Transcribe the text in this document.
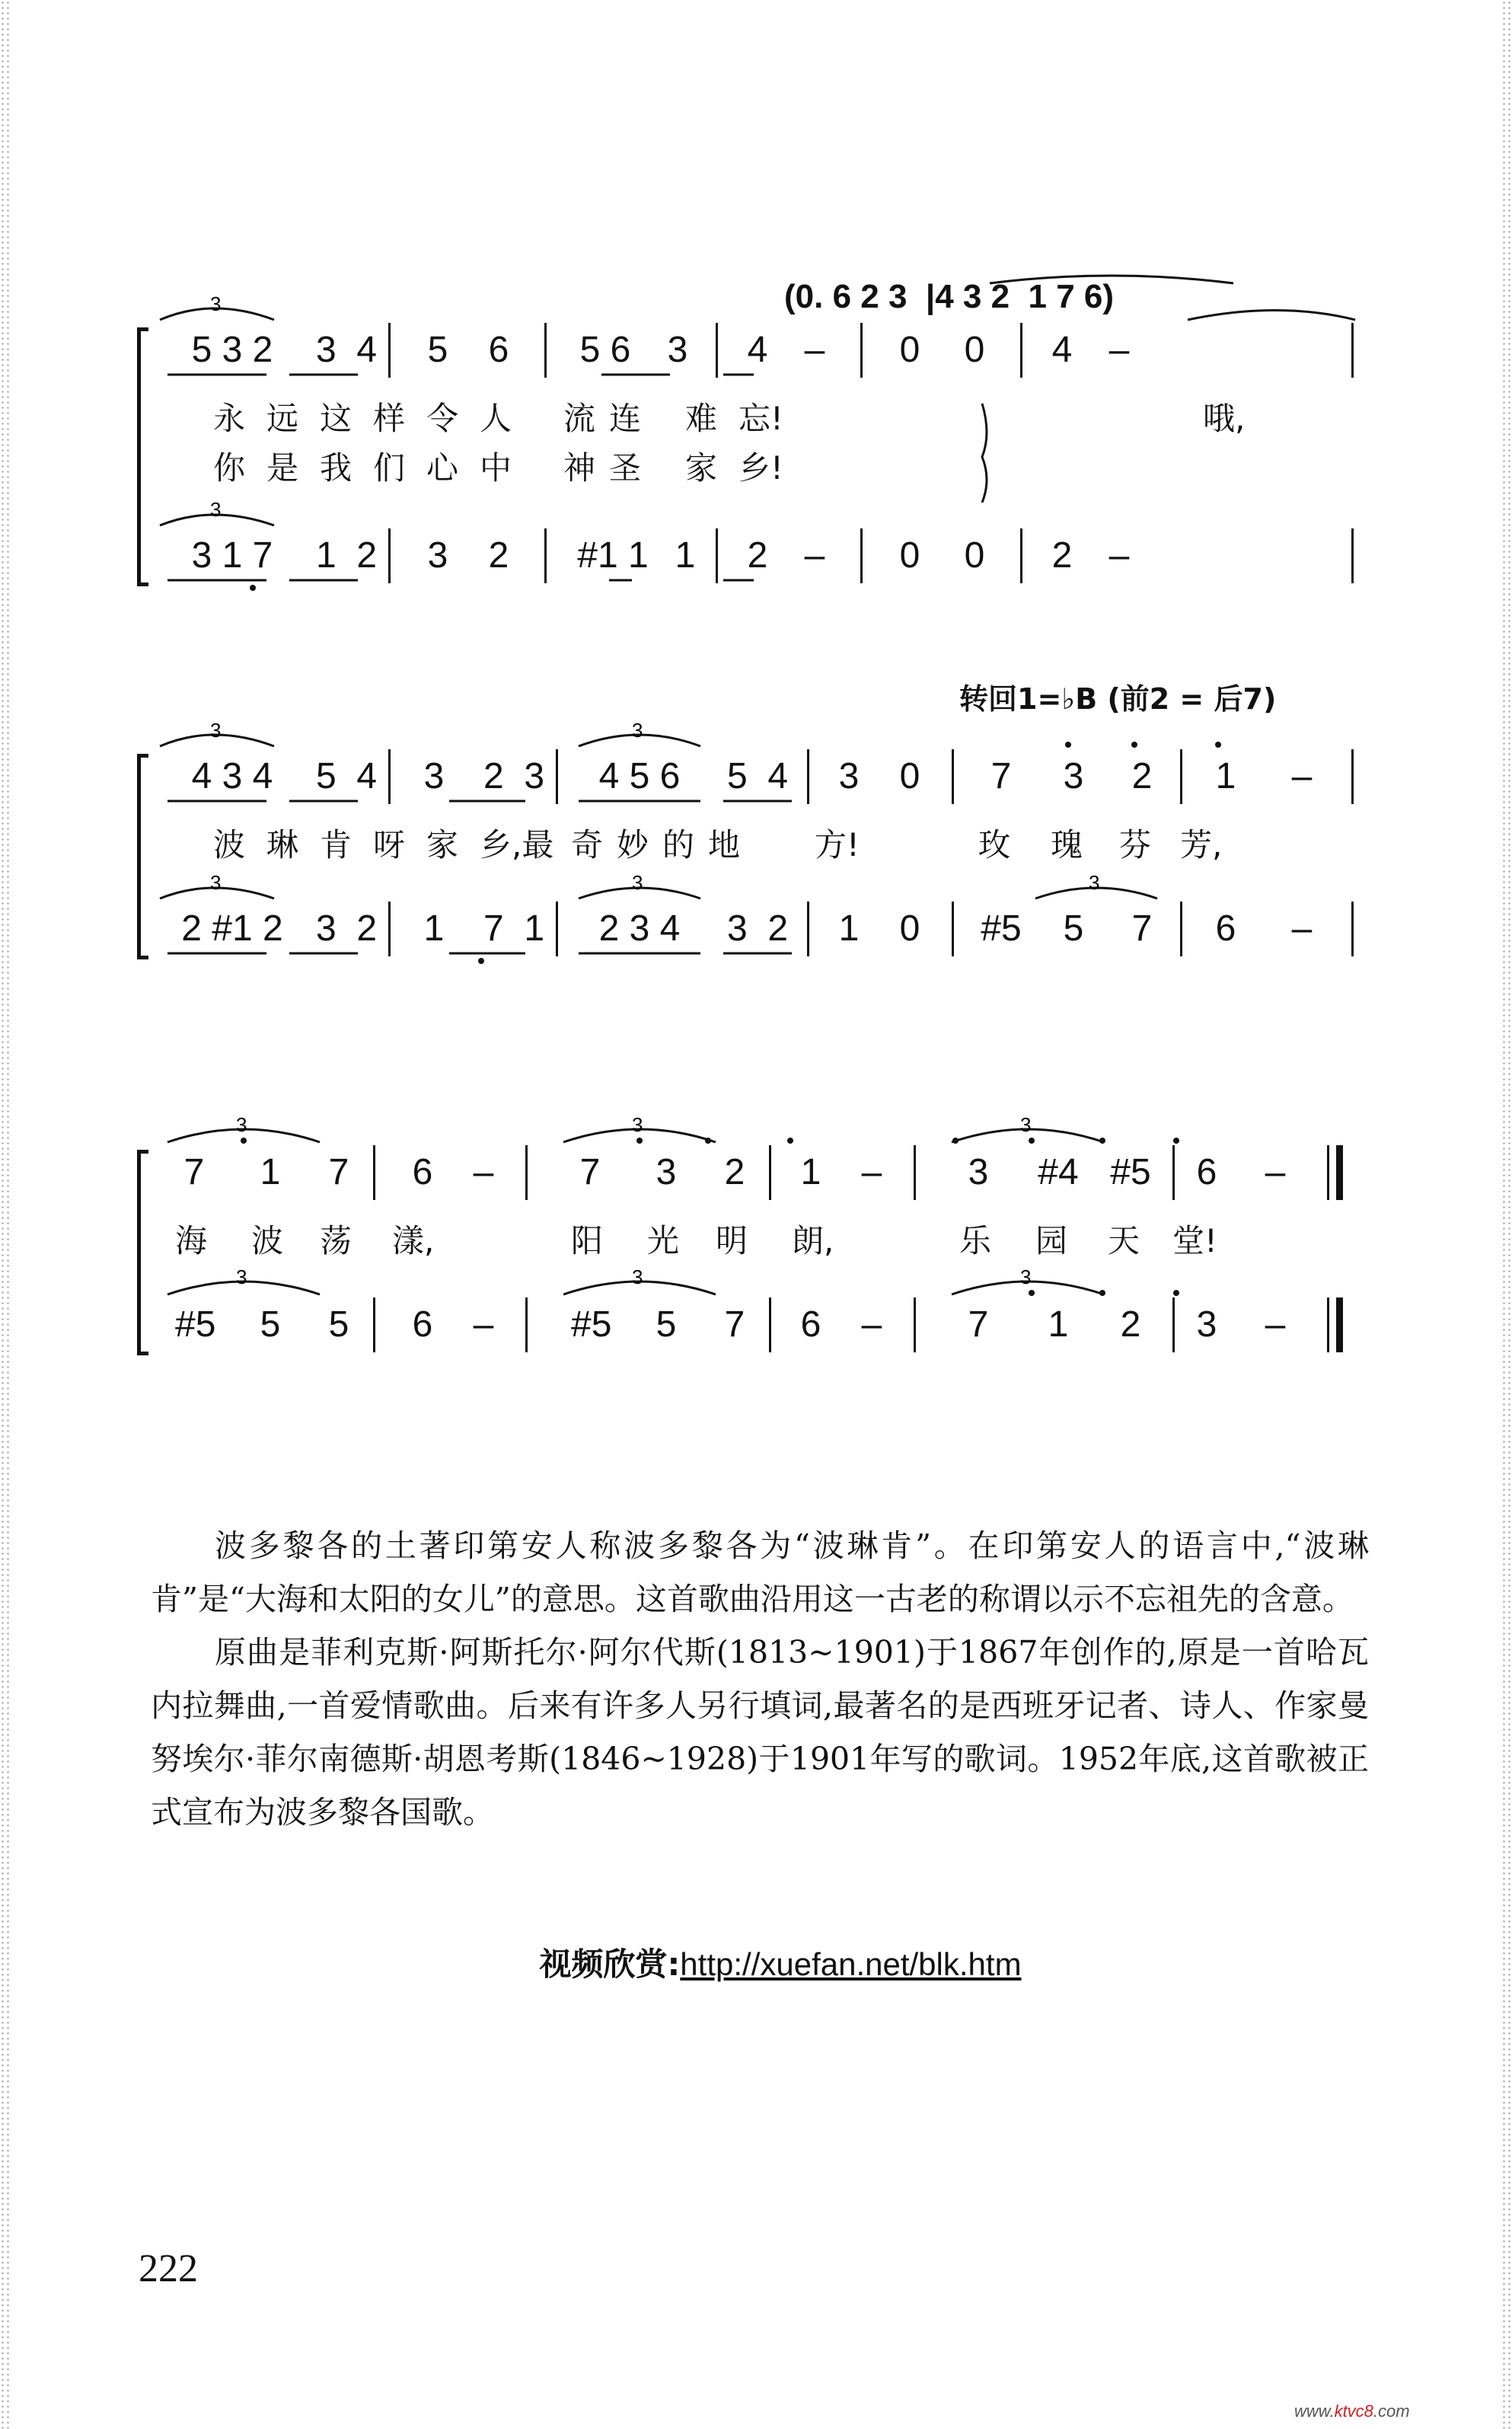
(0. 6 2 3  |4 3 2  1 7 6)
5 3 2	3  4	5 6 5 6 3 4 – 0 0 4 –
永 远 这 样 令 人 流 连 难 忘!
你 是 我 们 心 中 神 圣 家 乡!
哦,
3 1 7	1  2	3 2 #1 1 1 2 – 0 0 2 –
3
3
转回1=♭B (前2 = 后7)
4 3 4	5  4	3 2  3	4 5 6	5  4	3 0	7	3	2	1	–
波 琳 肯 呀 家 乡,最 奇 妙 的 地 方!	玫 瑰 芬 芳,
2 #1 2 3  2	1 7  1	2 3 4	3  2	1 0 #5	5	7	6	–
3	3
3	3	3
7 1 7 6 – 7 3 2 1 – 3 #4 #5 6 –
海 波 荡 漾,	阳 光 明 朗,	乐 园 天 堂!
#5 5 5 6 – #5 5 7 6 – 7	1	2	3 –
3	3	3
3	3	3

波多黎各的土著印第安人称波多黎各为“波琳肯”。在印第安人的语言中,“波琳肯”是“大海和太阳的女儿”的意思。这首歌曲沿用这一古老的称谓以示不忘祖先的含意。

原曲是菲利克斯·阿斯托尔·阿尔代斯(1813~1901)于1867年创作的,原是一首哈瓦内拉舞曲,一首爱情歌曲。后来有许多人另行填词,最著名的是西班牙记者、诗人、作家曼努埃尔·菲尔南德斯·胡恩考斯(1846~1928)于1901年写的歌词。1952年底,这首歌被正式宣布为波多黎各国歌。

视频欣赏:http://xuefan.net/blk.htm

222
www.ktvc8.com
